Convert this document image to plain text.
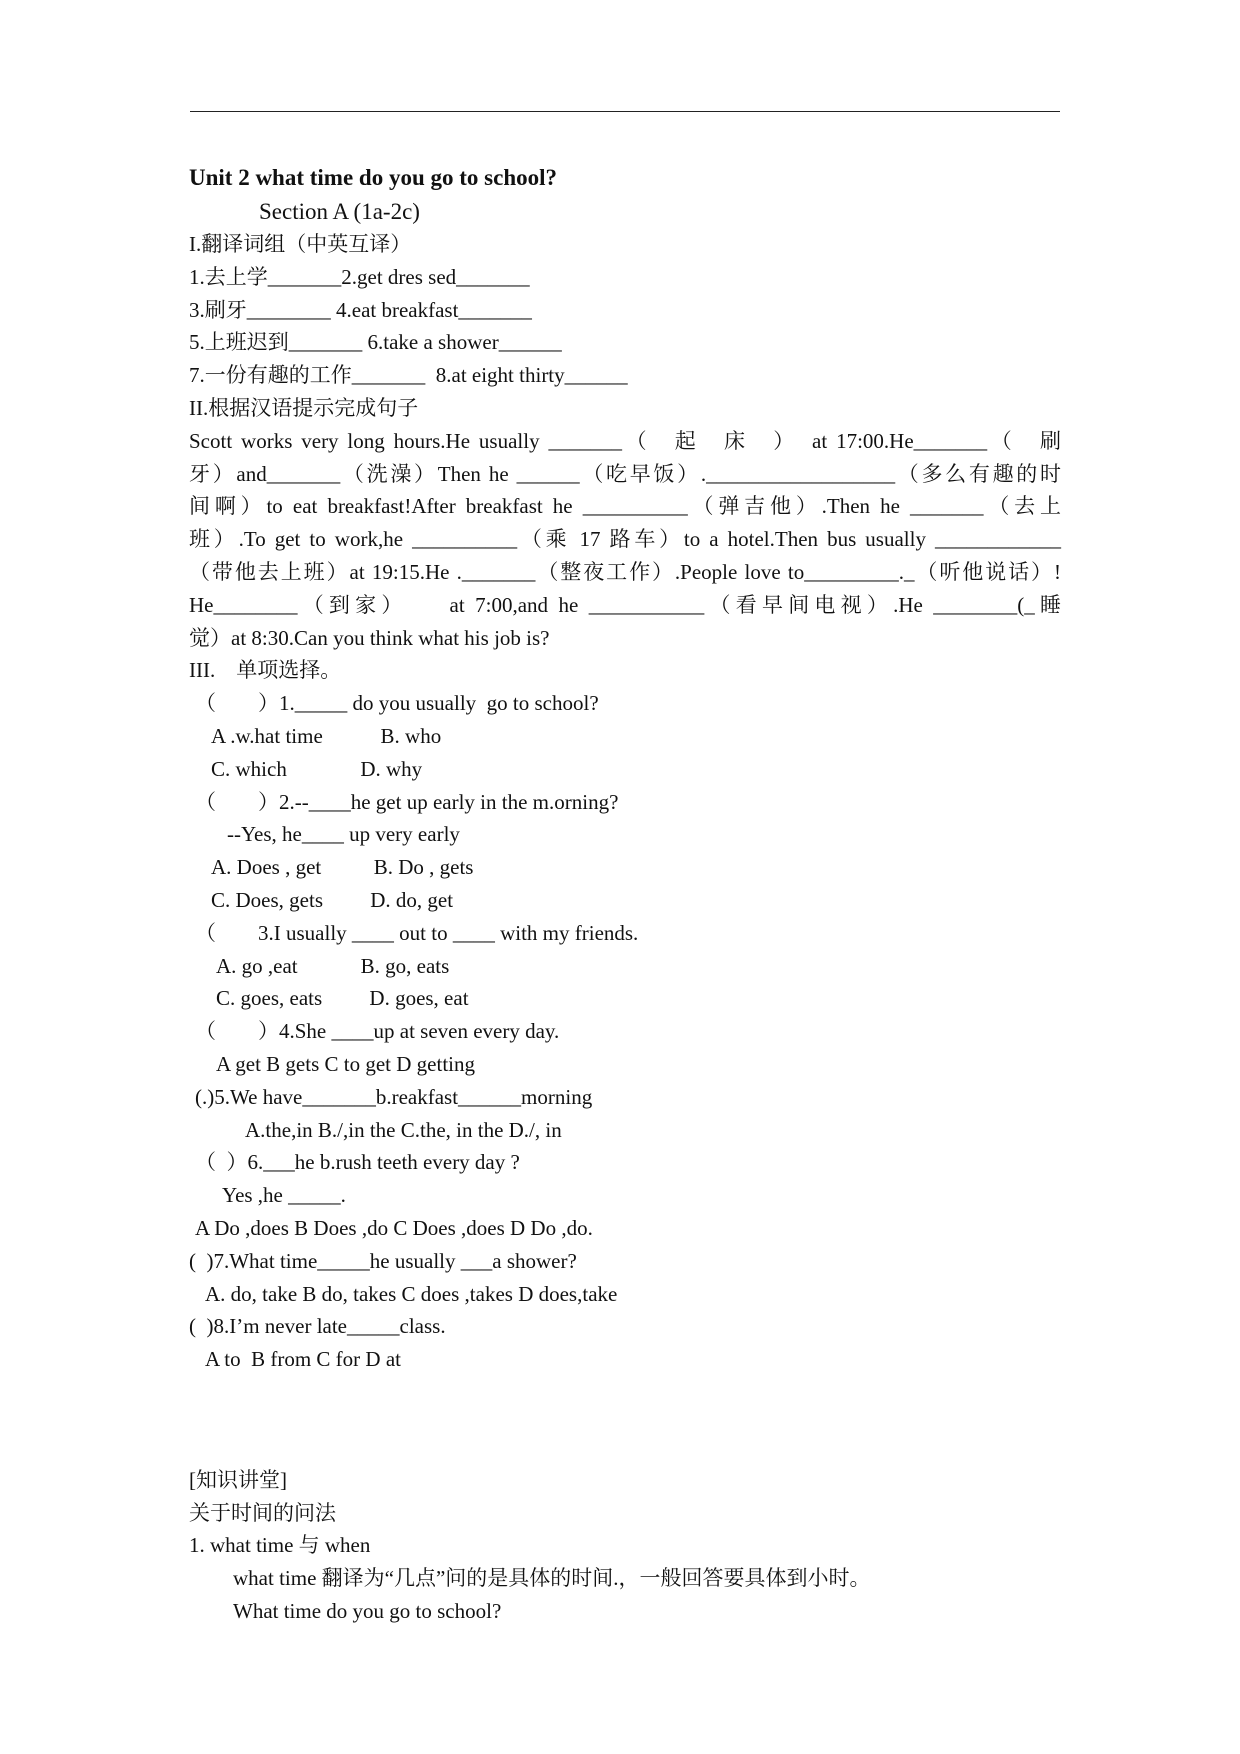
Unit 2 what time do you go to school?
Section A (1a-2c)
I.翻译词组（中英互译）
1.去上学_______2.get dres sed_______
3.刷牙________ 4.eat breakfast_______
5.上班迟到_______ 6.take a shower______
7.一份有趣的工作_______  8.at eight thirty______
II.根据汉语提示完成句子
Scott works very long hours.He usually _______（　起　床　）　at 17:00.He_______（　刷
牙）and_______（洗澡）Then he ______（吃早饭）.__________________（多么有趣的时
间啊）to eat breakfast!After breakfast he __________（弹吉他）.Then he _______（去上
班）.To get to work,he __________（乘 17 路车）to a hotel.Then bus usually ____________
（带他去上班）at 19:15.He ._______（整夜工作）.People love to_________._（听他说话）!
He________（到家）　　at 7:00,and he ___________（看早间电视）.He ________(_睡
觉）at 8:30.Can you think what his job is?
III.　单项选择。
（　　）1._____ do you usually  go to school?
A .w.hat time           B. who
C. which              D. why
（　　）2.--____he get up early in the m.orning?
--Yes, he____ up very early
A. Does , get          B. Do , gets
C. Does, gets         D. do, get
（　　3.I usually ____ out to ____ with my friends.
A. go ,eat            B. go, eats
C. goes, eats         D. goes, eat
（　　）4.She ____up at seven every day.
A get B gets C to get D getting
(.)5.We have_______b.reakfast______morning
A.the,in B./,in the C.the, in the D./, in
（  ）6.___he b.rush teeth every day ?
Yes ,he _____.
A Do ,does B Does ,do C Does ,does D Do ,do.
(  )7.What time_____he usually ___a shower?
A. do, take B do, takes C does ,takes D does,take
(  )8.I’m never late_____class.
A to  B from C for D at
[知识讲堂]
关于时间的问法
1. what time 与 when
what time 翻译为“几点”问的是具体的时间.，一般回答要具体到小时。
What time do you go to school?
